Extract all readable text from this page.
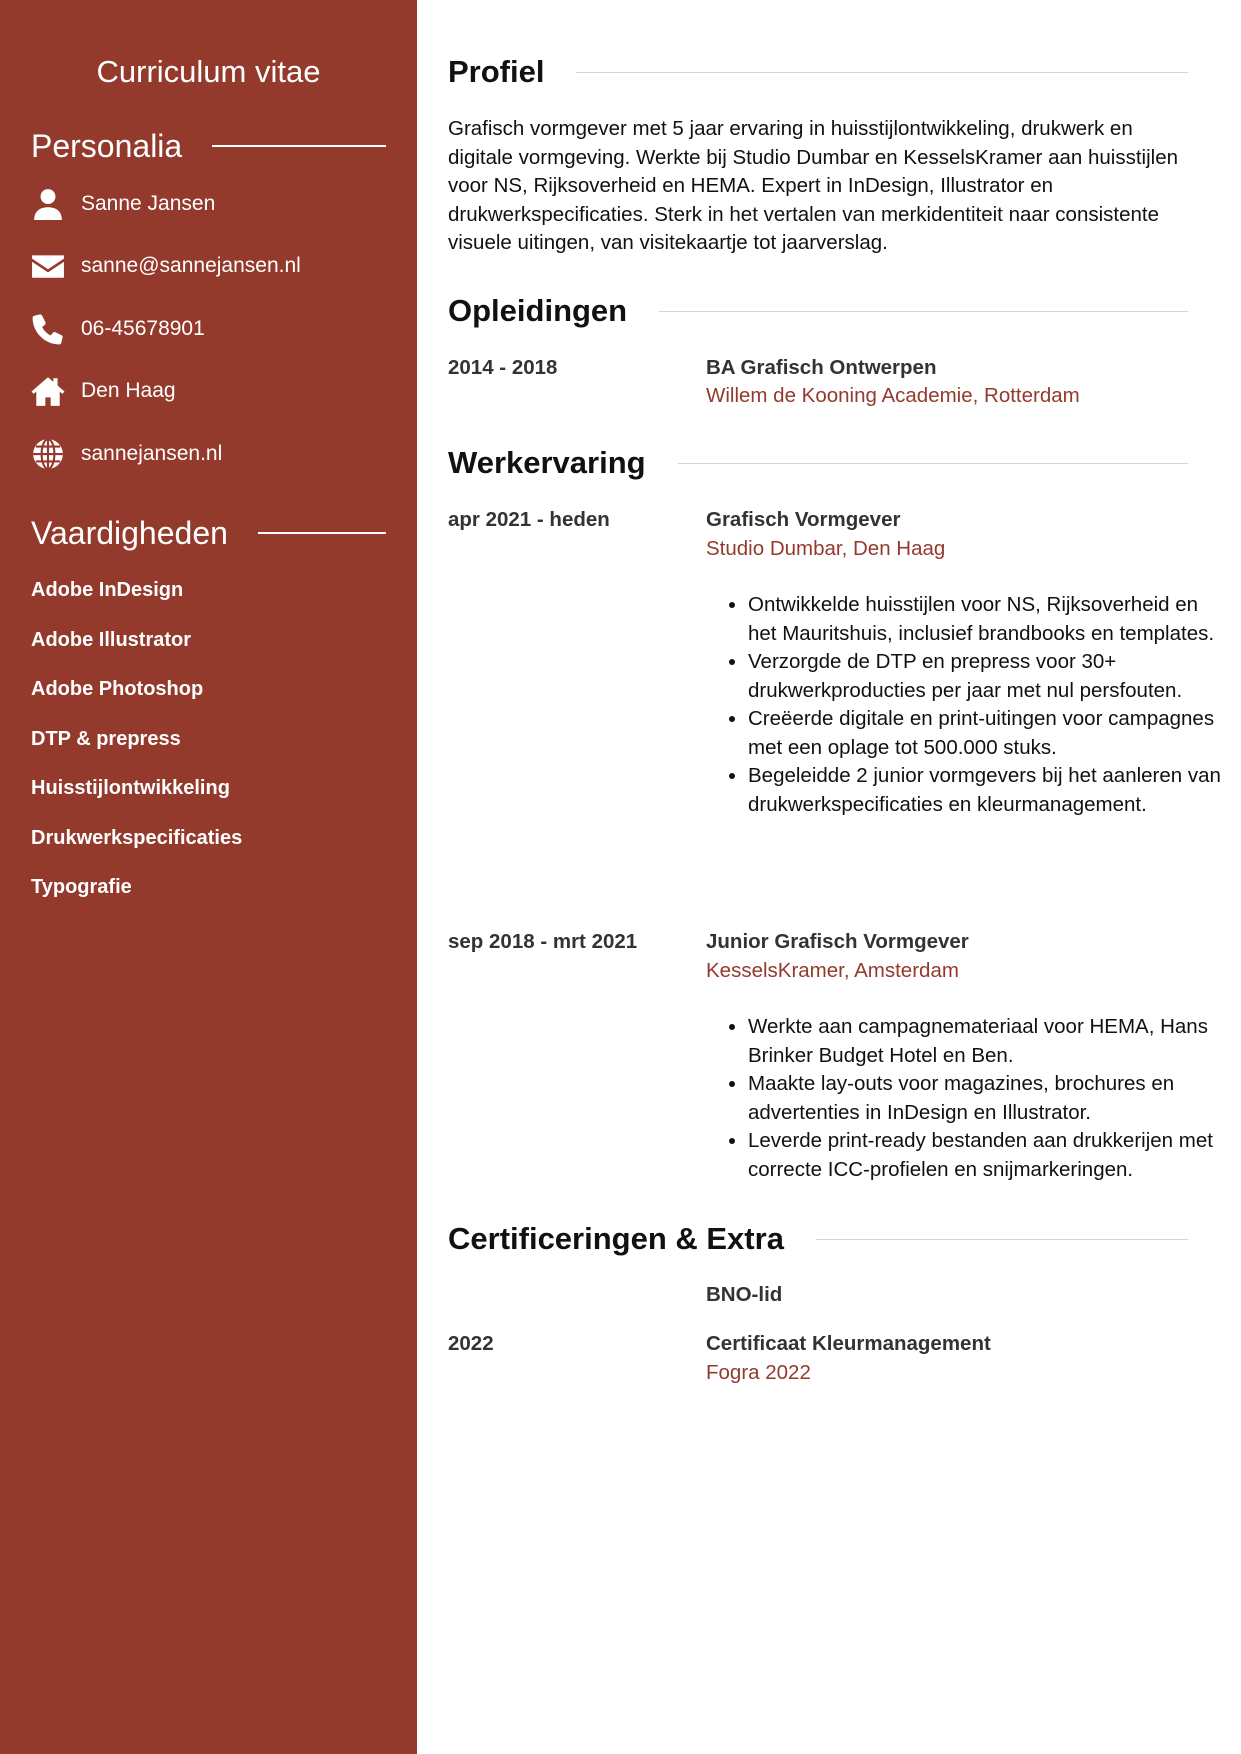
Curriculum vitae
Personalia
Sanne Jansen
sanne@sannejansen.nl
06-45678901
Den Haag
sannejansen.nl
Vaardigheden
Adobe InDesign
Adobe Illustrator
Adobe Photoshop
DTP & prepress
Huisstijlontwikkeling
Drukwerkspecificaties
Typografie
Profiel
Grafisch vormgever met 5 jaar ervaring in huisstijlontwikkeling, drukwerk en digitale vormgeving. Werkte bij Studio Dumbar en KesselsKramer aan huisstijlen voor NS, Rijksoverheid en HEMA. Expert in InDesign, Illustrator en drukwerkspecificaties. Sterk in het vertalen van merkidentiteit naar consistente visuele uitingen, van visitekaartje tot jaarverslag.
Opleidingen
2014 - 2018	BA Grafisch Ontwerpen
Willem de Kooning Academie, Rotterdam
Werkervaring
apr 2021 - heden	Grafisch Vormgever
Studio Dumbar, Den Haag
• Ontwikkelde huisstijlen voor NS, Rijksoverheid en het Mauritshuis, inclusief brandbooks en templates.
• Verzorgde de DTP en prepress voor 30+ drukwerkproducties per jaar met nul persfouten.
• Creëerde digitale en print-uitingen voor campagnes met een oplage tot 500.000 stuks.
• Begeleidde 2 junior vormgevers bij het aanleren van drukwerkspecificaties en kleurmanagement.
sep 2018 - mrt 2021	Junior Grafisch Vormgever
KesselsKramer, Amsterdam
• Werkte aan campagnemateriaal voor HEMA, Hans Brinker Budget Hotel en Ben.
• Maakte lay-outs voor magazines, brochures en advertenties in InDesign en Illustrator.
• Leverde print-ready bestanden aan drukkerijen met correcte ICC-profielen en snijmarkeringen.
Certificeringen & Extra
BNO-lid
2022	Certificaat Kleurmanagement
Fogra 2022
